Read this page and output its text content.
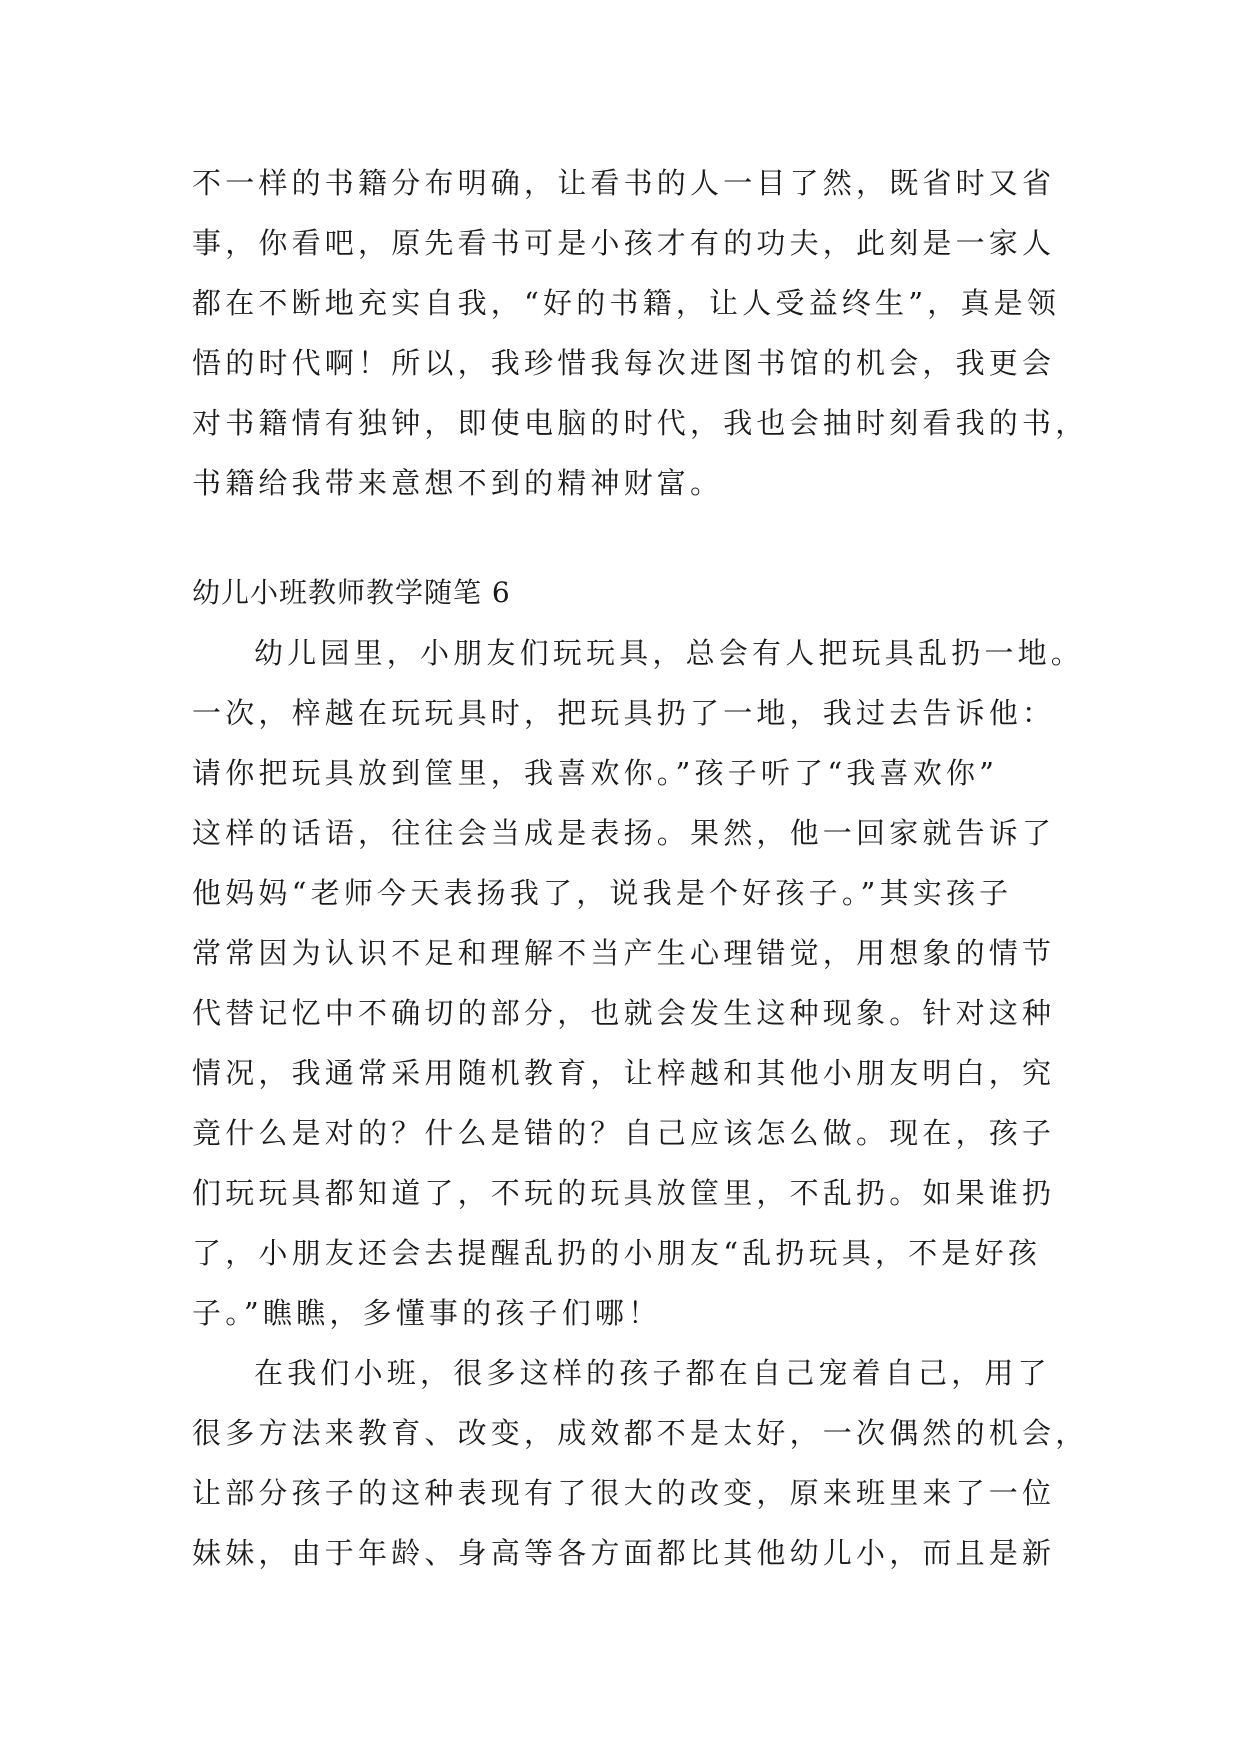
不一样的书籍分布明确，让看书的人一目了然，既省时又省
事，你看吧，原先看书可是小孩才有的功夫，此刻是一家人
都在不断地充实自我，“好的书籍，让人受益终生”，真是领
悟的时代啊！所以，我珍惜我每次进图书馆的机会，我更会
对书籍情有独钟，即使电脑的时代，我也会抽时刻看我的书，
书籍给我带来意想不到的精神财富。
幼儿小班教师教学随笔 6
幼儿园里，小朋友们玩玩具，总会有人把玩具乱扔一地。
一次，梓越在玩玩具时，把玩具扔了一地，我过去告诉他：
请你把玩具放到筐里，我喜欢你。”孩子听了“我喜欢你”
这样的话语，往往会当成是表扬。果然，他一回家就告诉了
他妈妈“老师今天表扬我了，说我是个好孩子。”其实孩子
常常因为认识不足和理解不当产生心理错觉，用想象的情节
代替记忆中不确切的部分，也就会发生这种现象。针对这种
情况，我通常采用随机教育，让梓越和其他小朋友明白，究
竟什么是对的？什么是错的？自己应该怎么做。现在，孩子
们玩玩具都知道了，不玩的玩具放筐里，不乱扔。如果谁扔
了，小朋友还会去提醒乱扔的小朋友“乱扔玩具，不是好孩
子。”瞧瞧，多懂事的孩子们哪！
在我们小班，很多这样的孩子都在自己宠着自己，用了
很多方法来教育、改变，成效都不是太好，一次偶然的机会，
让部分孩子的这种表现有了很大的改变，原来班里来了一位
妹妹，由于年龄、身高等各方面都比其他幼儿小，而且是新
